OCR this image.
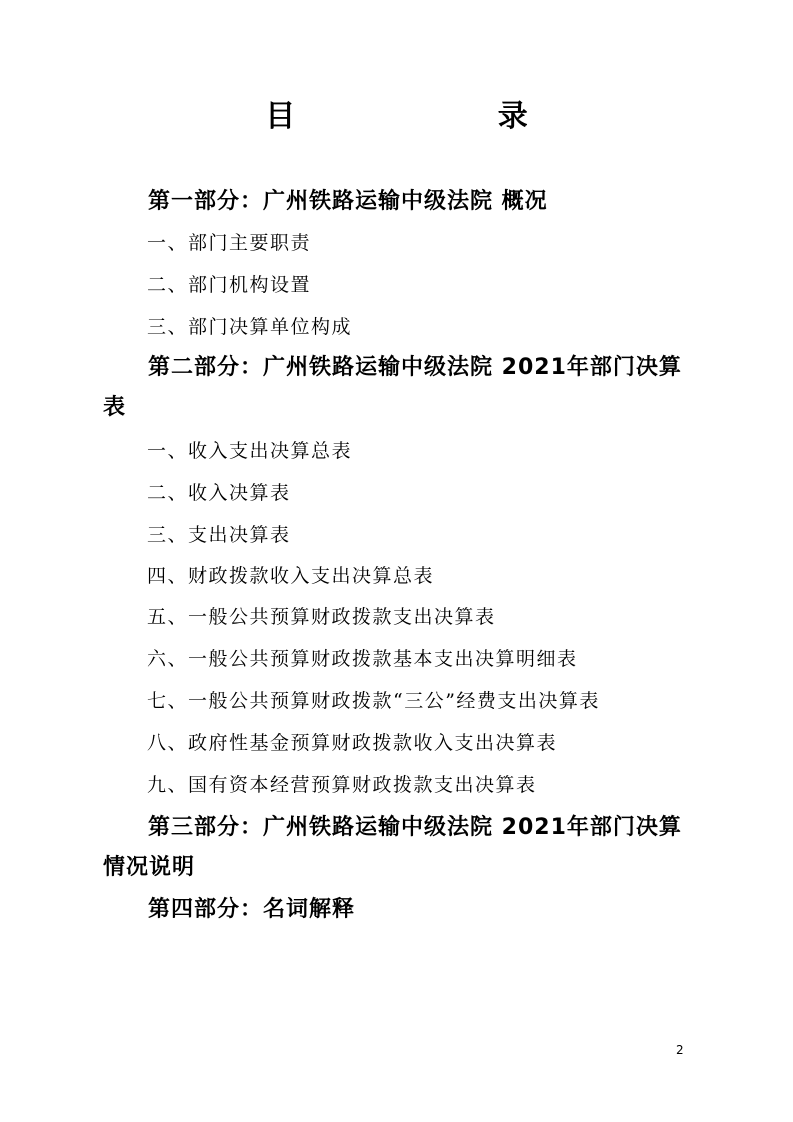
目 录
第一部分：广州铁路运输中级法院 概况
一、部门主要职责
二、部门机构设置
三、部门决算单位构成
第二部分：广州铁路运输中级法院 2021年部门决算表
一、收入支出决算总表
二、收入决算表
三、支出决算表
四、财政拨款收入支出决算总表
五、一般公共预算财政拨款支出决算表
六、一般公共预算财政拨款基本支出决算明细表
七、一般公共预算财政拨款“三公”经费支出决算表
八、政府性基金预算财政拨款收入支出决算表
九、国有资本经营预算财政拨款支出决算表
第三部分：广州铁路运输中级法院 2021年部门决算情况说明
第四部分：名词解释
2
